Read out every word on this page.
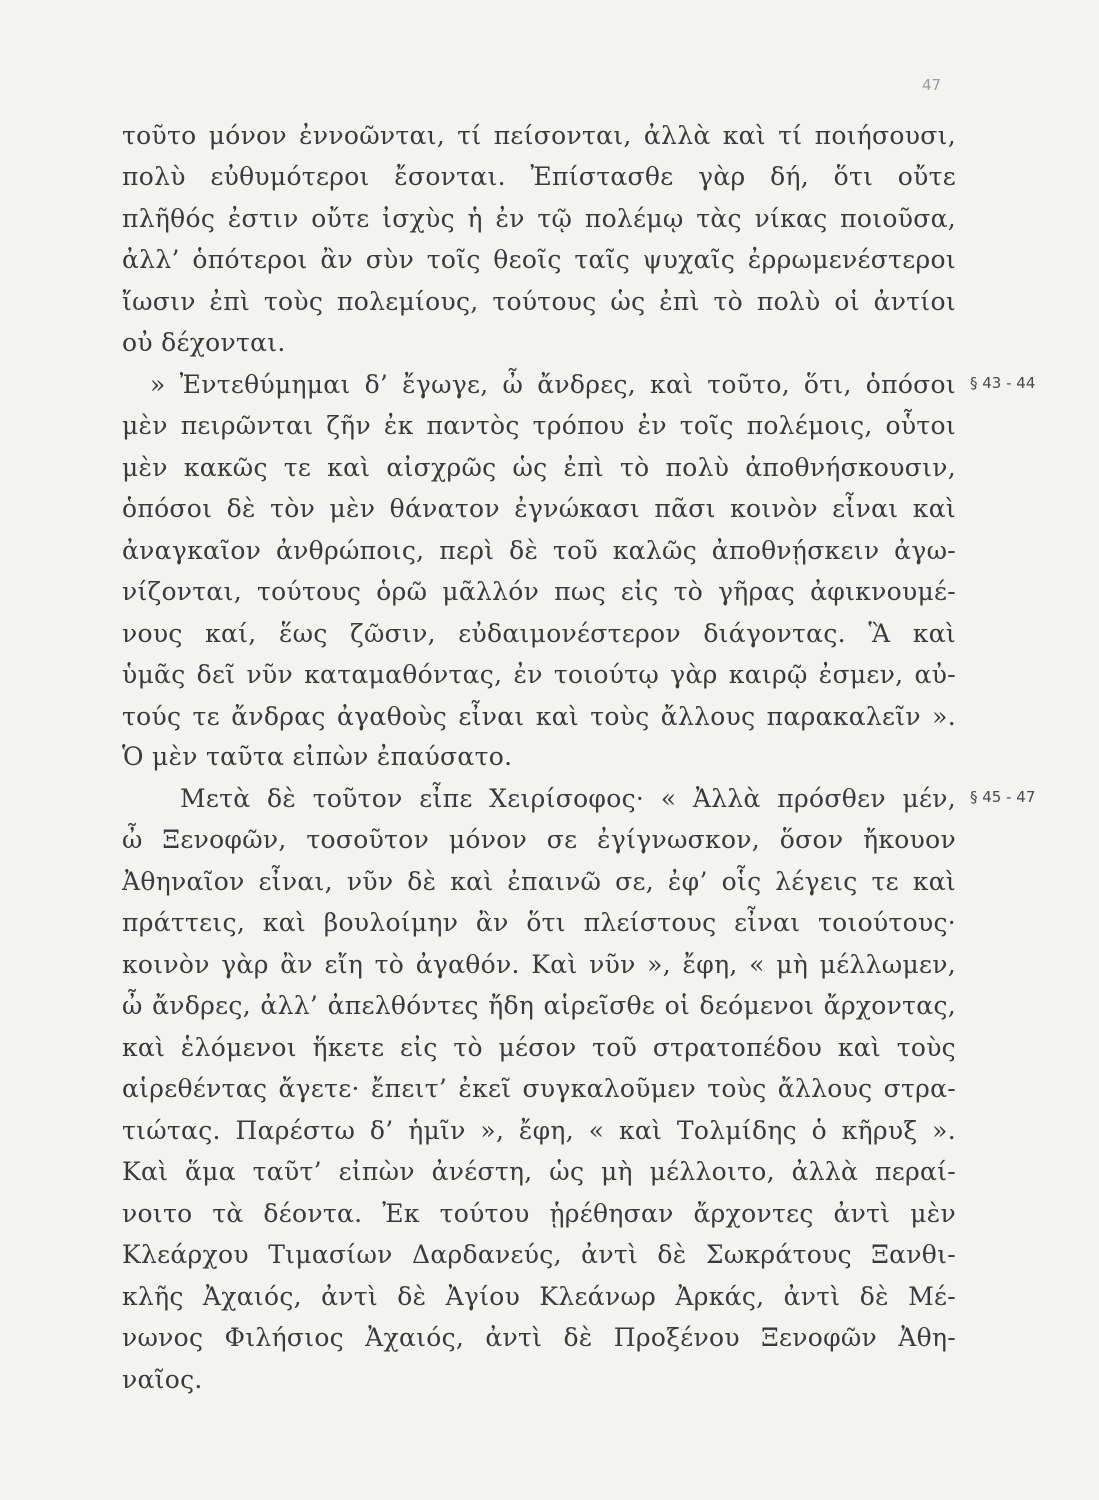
47
§ 43 - 44
§ 45 - 47
τοῦτο μόνον ἐννοῶνται, τί πείσονται, ἀλλὰ καὶ τί ποιήσουσι,
πολὺ εὐθυμότεροι ἔσονται. Ἐπίστασθε γὰρ δή, ὅτι οὔτε
πλῆθός ἐστιν οὔτε ἰσχὺς ἡ ἐν τῷ πολέμῳ τὰς νίκας ποιοῦσα,
ἀλλ’ ὁπότεροι ἂν σὺν τοῖς θεοῖς ταῖς ψυχαῖς ἐρρωμενέστεροι
ἴωσιν ἐπὶ τοὺς πολεμίους, τούτους ὡς ἐπὶ τὸ πολὺ οἱ ἀντίοι
οὐ δέχονται.
» Ἐντεθύμημαι δ’ ἔγωγε, ὦ ἄνδρες, καὶ τοῦτο, ὅτι, ὁπόσοι
μὲν πειρῶνται ζῆν ἐκ παντὸς τρόπου ἐν τοῖς πολέμοις, οὗτοι
μὲν κακῶς τε καὶ αἰσχρῶς ὡς ἐπὶ τὸ πολὺ ἀποθνήσκουσιν,
ὁπόσοι δὲ τὸν μὲν θάνατον ἐγνώκασι πᾶσι κοινὸν εἶναι καὶ
ἀναγκαῖον ἀνθρώποις, περὶ δὲ τοῦ καλῶς ἀποθνῄσκειν ἀγω-
νίζονται, τούτους ὁρῶ μᾶλλόν πως εἰς τὸ γῆρας ἀφικνουμέ-
νους καί, ἕως ζῶσιν, εὐδαιμονέστερον διάγοντας. Ἃ καὶ
ὑμᾶς δεῖ νῦν καταμαθόντας, ἐν τοιούτῳ γὰρ καιρῷ ἐσμεν, αὐ-
τούς τε ἄνδρας ἀγαθοὺς εἶναι καὶ τοὺς ἄλλους παρακαλεῖν ».
Ὁ μὲν ταῦτα εἰπὼν ἐπαύσατο.
Μετὰ δὲ τοῦτον εἶπε Χειρίσοφος· « Ἀλλὰ πρόσθεν μέν,
ὦ Ξενοφῶν, τοσοῦτον μόνον σε ἐγίγνωσκον, ὅσον ἤκουον
Ἀθηναῖον εἶναι, νῦν δὲ καὶ ἐπαινῶ σε, ἐφ’ οἷς λέγεις τε καὶ
πράττεις, καὶ βουλοίμην ἂν ὅτι πλείστους εἶναι τοιούτους·
κοινὸν γὰρ ἂν εἴη τὸ ἀγαθόν. Καὶ νῦν », ἔφη, « μὴ μέλλωμεν,
ὦ ἄνδρες, ἀλλ’ ἀπελθόντες ἤδη αἱρεῖσθε οἱ δεόμενοι ἄρχοντας,
καὶ ἑλόμενοι ἥκετε εἰς τὸ μέσον τοῦ στρατοπέδου καὶ τοὺς
αἱρεθέντας ἄγετε· ἔπειτ’ ἐκεῖ συγκαλοῦμεν τοὺς ἄλλους στρα-
τιώτας. Παρέστω δ’ ἡμῖν », ἔφη, « καὶ Τολμίδης ὁ κῆρυξ ».
Καὶ ἅμα ταῦτ’ εἰπὼν ἀνέστη, ὡς μὴ μέλλοιτο, ἀλλὰ περαί-
νοιτο τὰ δέοντα. Ἐκ τούτου ᾑρέθησαν ἄρχοντες ἀντὶ μὲν
Κλεάρχου Τιμασίων Δαρδανεύς, ἀντὶ δὲ Σωκράτους Ξανθι-
κλῆς Ἀχαιός, ἀντὶ δὲ Ἀγίου Κλεάνωρ Ἀρκάς, ἀντὶ δὲ Μέ-
νωνος Φιλήσιος Ἀχαιός, ἀντὶ δὲ Προξένου Ξενοφῶν Ἀθη-
ναῖος.
